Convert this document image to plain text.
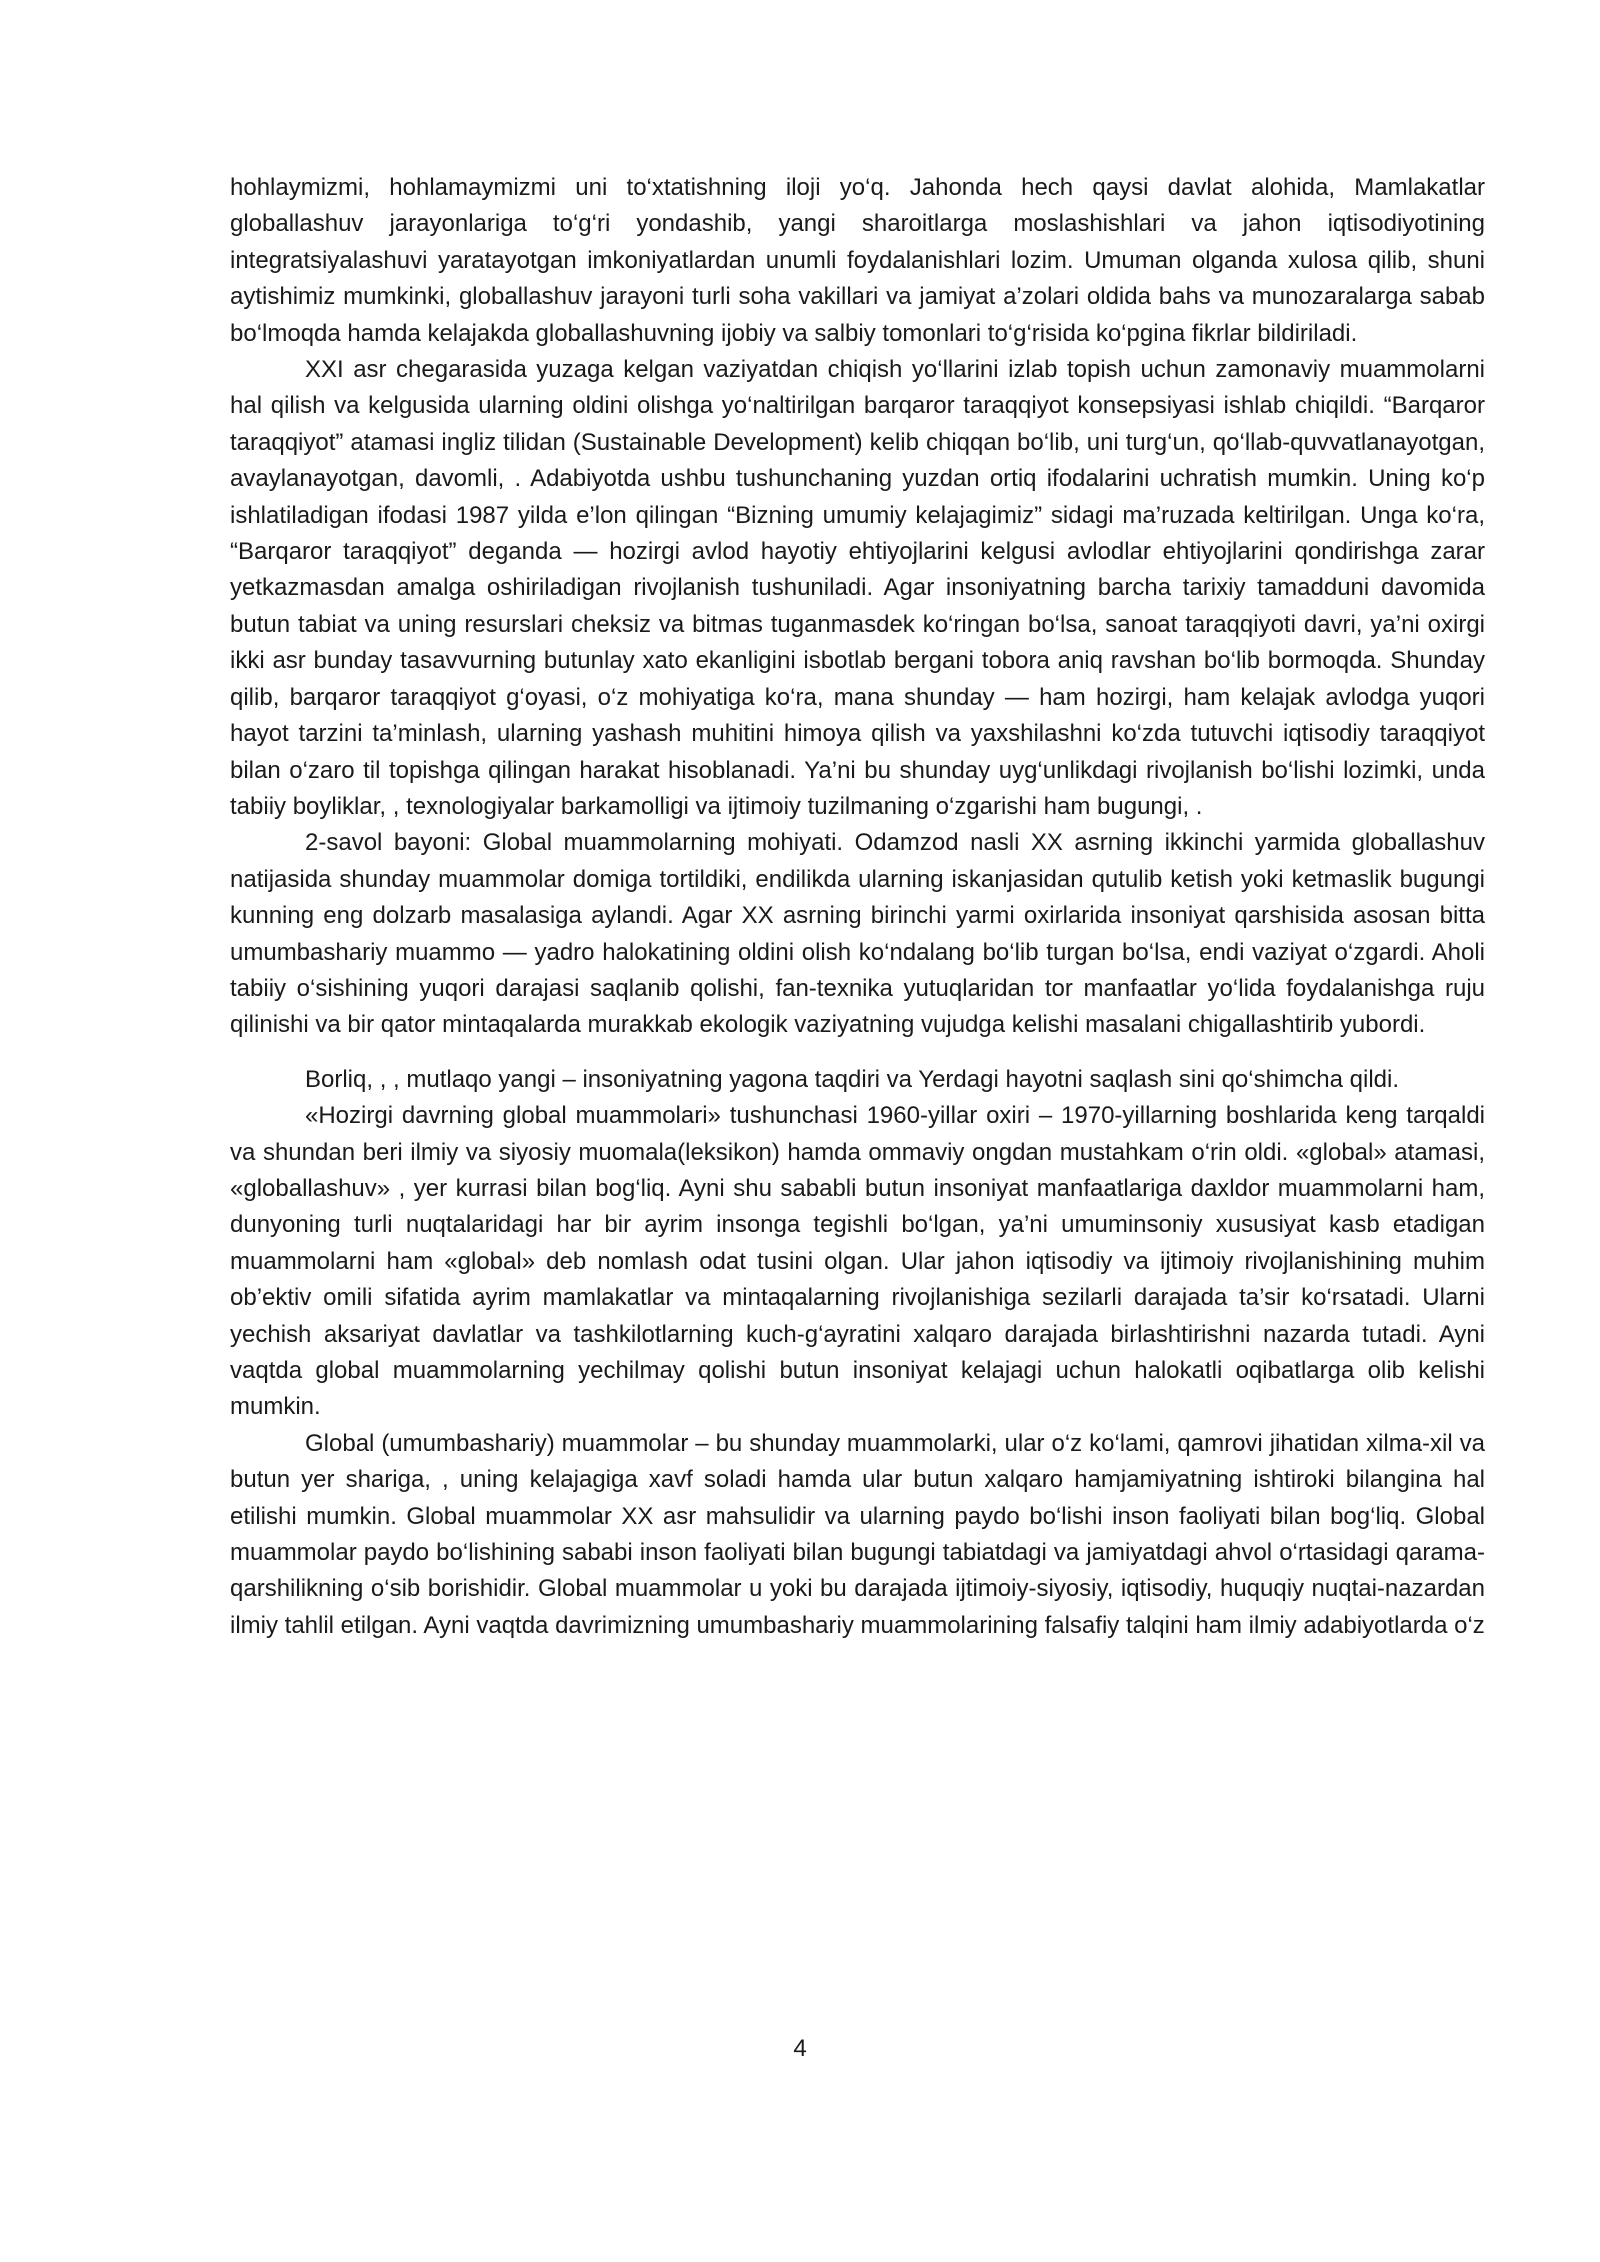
hohlaymizmi, hohlamaymizmi uni to‘xtatishning iloji yo‘q. Jahonda hech qaysi davlat alohida, Mamlakatlar globallashuv jarayonlariga to‘g‘ri yondashib, yangi sharoitlarga moslashishlari va jahon iqtisodiyotining integratsiyalashuvi yaratayotgan imkoniyatlardan unumli foydalanishlari lozim. Umuman olganda xulosa qilib, shuni aytishimiz mumkinki, globallashuv jarayoni turli soha vakillari va jamiyat a’zolari oldida bahs va munozaralarga sabab bo‘lmoqda hamda kelajakda globallashuvning ijobiy va salbiy tomonlari to‘g‘risida ko‘pgina fikrlar bildiriladi.

XXI asr chegarasida yuzaga kelgan vaziyatdan chiqish yo‘llarini izlab topish uchun zamonaviy muammolarni hal qilish va kelgusida ularning oldini olishga yo‘naltirilgan barqaror taraqqiyot konsepsiyasi ishlab chiqildi. “Barqaror taraqqiyot” atamasi ingliz tilidan (Sustainable Development) kelib chiqqan bo‘lib, uni turg‘un, qo‘llab-quvvatlanayotgan, avaylanayotgan, davomli, . Adabiyotda ushbu tushunchaning yuzdan ortiq ifodalarini uchratish mumkin. Uning ko‘p ishlatiladigan ifodasi 1987 yilda e’lon qilingan “Bizning umumiy kelajagimiz” sidagi ma’ruzada keltirilgan. Unga ko‘ra, “Barqaror taraqqiyot” deganda — hozirgi avlod hayotiy ehtiyojlarini kelgusi avlodlar ehtiyojlarini qondirishga zarar yetkazmasdan amalga oshiriladigan rivojlanish tushuniladi. Agar insoniyatning barcha tarixiy tamadduni davomida butun tabiat va uning resurslari cheksiz va bitmas tuganmasdek ko‘ringan bo‘lsa, sanoat taraqqiyoti davri, ya’ni oxirgi ikki asr bunday tasavvurning butunlay xato ekanligini isbotlab bergani tobora aniq ravshan bo‘lib bormoqda. Shunday qilib, barqaror taraqqiyot g‘oyasi, o‘z mohiyatiga ko‘ra, mana shunday — ham hozirgi, ham kelajak avlodga yuqori hayot tarzini ta’minlash, ularning yashash muhitini himoya qilish va yaxshilashni ko‘zda tutuvchi iqtisodiy taraqqiyot bilan o‘zaro til topishga qilingan harakat hisoblanadi. Ya’ni bu shunday uyg‘unlikdagi rivojlanish bo‘lishi lozimki, unda tabiiy boyliklar, , texnologiyalar barkamolligi va ijtimoiy tuzilmaning o‘zgarishi ham bugungi, .

2-savol bayoni: Global muammolarning mohiyati. Odamzod nasli XX asrning ikkinchi yarmida globallashuv natijasida shunday muammolar domiga tortildiki, endilikda ularning iskanjasidan qutulib ketish yoki ketmaslik bugungi kunning eng dolzarb masalasiga aylandi. Agar XX asrning birinchi yarmi oxirlarida insoniyat qarshisida asosan bitta umumbashariy muammo — yadro halokatining oldini olish ko‘ndalang bo‘lib turgan bo‘lsa, endi vaziyat o‘zgardi. Aholi tabiiy o‘sishining yuqori darajasi saqlanib qolishi, fan-texnika yutuqlaridan tor manfaatlar yo‘lida foydalanishga ruju qilinishi va bir qator mintaqalarda murakkab ekologik vaziyatning vujudga kelishi masalani chigallashtirib yubordi.

Borliq, , , mutlaqo yangi – insoniyatning yagona taqdiri va Yerdagi hayotni saqlash sini qo‘shimcha qildi.

«Hozirgi davrning global muammolari» tushunchasi 1960-yillar oxiri – 1970-yillarning boshlarida keng tarqaldi va shundan beri ilmiy va siyosiy muomala(leksikon) hamda ommaviy ongdan mustahkam o‘rin oldi. «global» atamasi, «globallashuv» , yer kurrasi bilan bog‘liq. Ayni shu sababli butun insoniyat manfaatlariga daxldor muammolarni ham, dunyoning turli nuqtalaridagi har bir ayrim insonga tegishli bo‘lgan, ya’ni umuminsoniy xususiyat kasb etadigan muammolarni ham «global» deb nomlash odat tusini olgan. Ular jahon iqtisodiy va ijtimoiy rivojlanishining muhim ob’ektiv omili sifatida ayrim mamlakatlar va mintaqalarning rivojlanishiga sezilarli darajada ta’sir ko‘rsatadi. Ularni yechish aksariyat davlatlar va tashkilotlarning kuch-g‘ayratini xalqaro darajada birlashtirishni nazarda tutadi. Ayni vaqtda global muammolarning yechilmay qolishi butun insoniyat kelajagi uchun halokatli oqibatlarga olib kelishi mumkin.

Global (umumbashariy) muammolar – bu shunday muammolarki, ular o‘z ko‘lami, qamrovi jihatidan xilma-xil va butun yer shariga, , uning kelajagiga xavf soladi hamda ular butun xalqaro hamjamiyatning ishtiroki bilangina hal etilishi mumkin. Global muammolar XX asr mahsulidir va ularning paydo bo‘lishi inson faoliyati bilan bog‘liq. Global muammolar paydo bo‘lishining sababi inson faoliyati bilan bugungi tabiatdagi va jamiyatdagi ahvol o‘rtasidagi qarama-qarshilikning o‘sib borishidir. Global muammolar u yoki bu darajada ijtimoiy-siyosiy, iqtisodiy, huquqiy nuqtai-nazardan ilmiy tahlil etilgan. Ayni vaqtda davrimizning umumbashariy muammolarining falsafiy talqini ham ilmiy adabiyotlarda o‘z

4
